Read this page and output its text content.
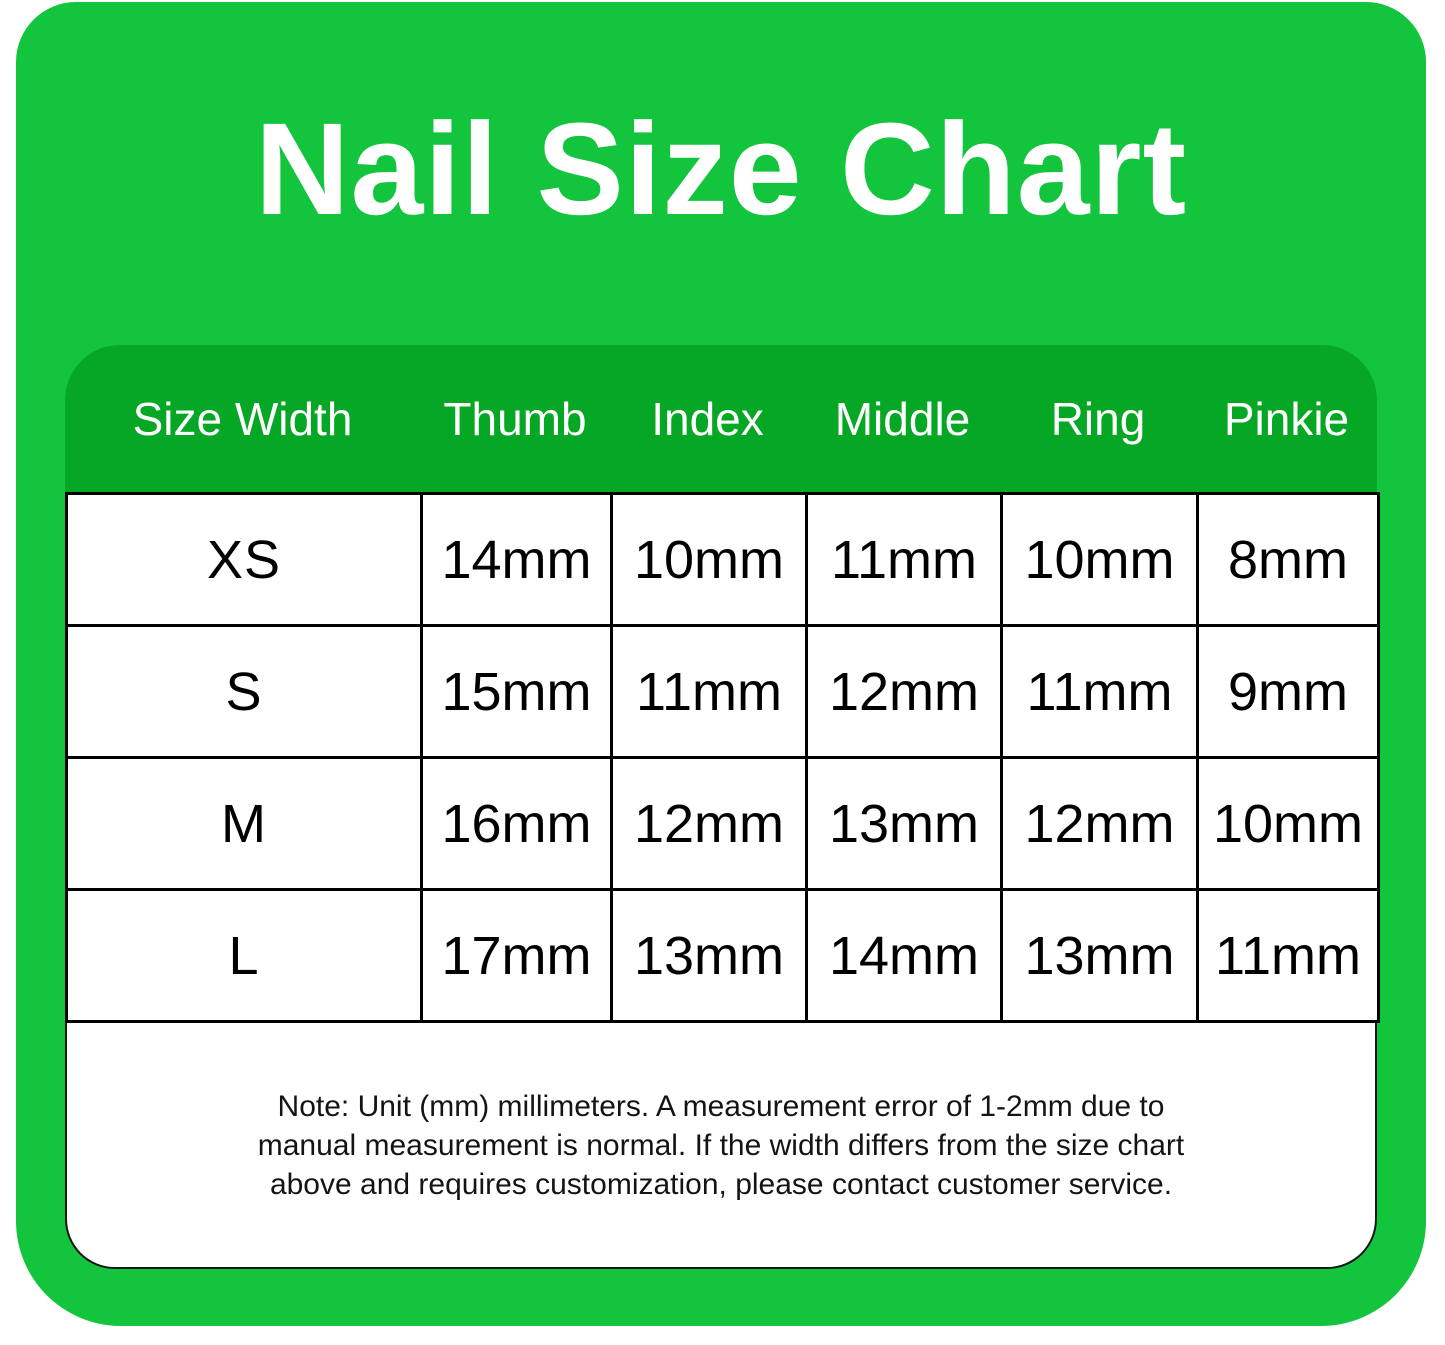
Nail Size Chart
Size Width	Thumb	Index	Middle	Ring	Pinkie
XS	14mm	10mm	11mm	10mm	8mm
S	15mm	11mm	12mm	11mm	9mm
M	16mm	12mm	13mm	12mm	10mm
L	17mm	13mm	14mm	13mm	11mm
Note: Unit (mm) millimeters. A measurement error of 1-2mm due to
manual measurement is normal. If the width differs from the size chart
above and requires customization, please contact customer service.
